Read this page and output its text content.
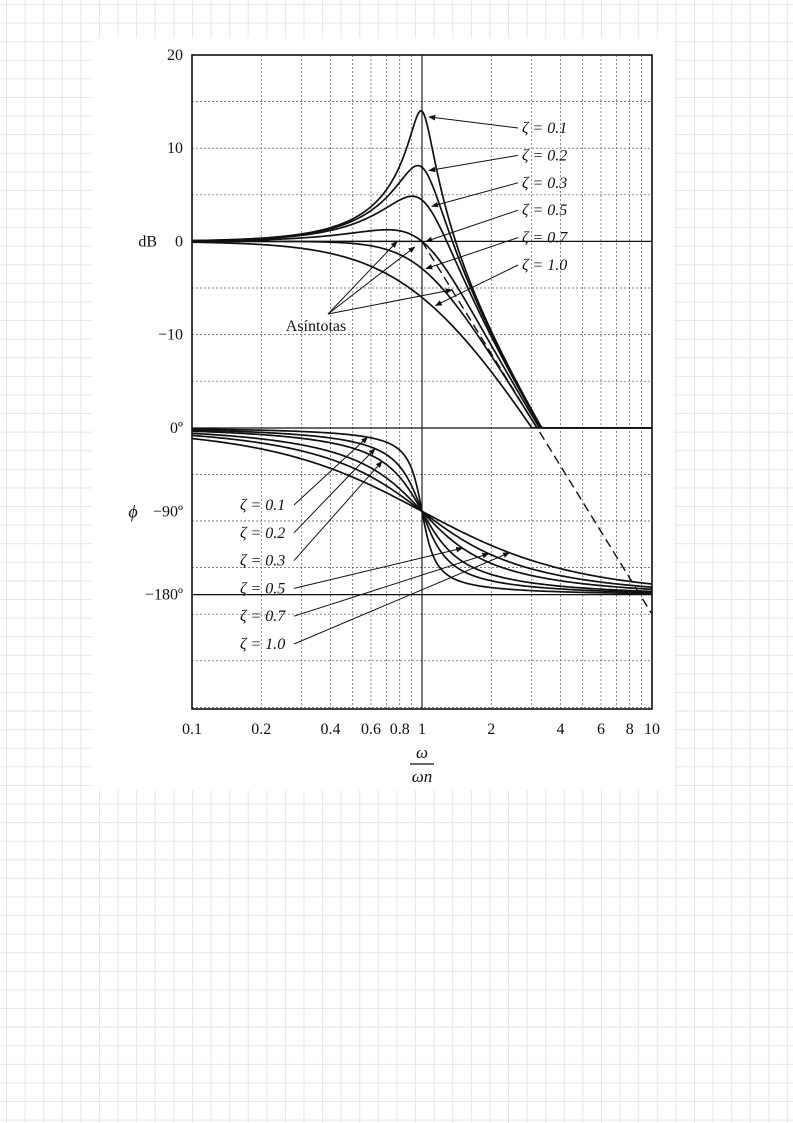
ζ = 0.1
ζ = 0.2
ζ = 0.3
ζ = 0.5
ζ = 0.7
ζ = 1.0
ζ = 0.1
ζ = 0.2
ζ = 0.3
ζ = 0.5
ζ = 0.7
ζ = 1.0
0.1	0.2	0.4 0.6 0.8 1	2	4 6 8 10
20
10
0
−10
0º
−90º
−180º
dB
ϕ
Asíntotas
ω
ωn
